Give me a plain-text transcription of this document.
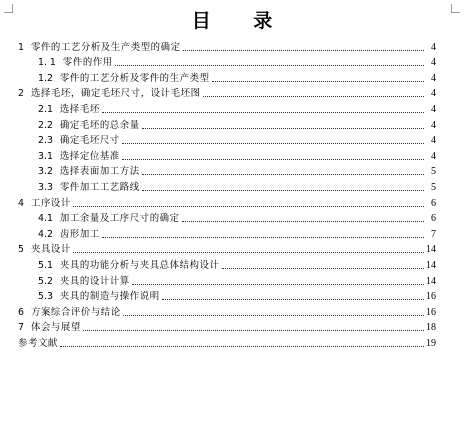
目 录
1 零件的工艺分析及生产类型的确定	4
1. 1 零件的作用	4
1.2 零件的工艺分析及零件的生产类型	4
2 选择毛坯，确定毛坯尺寸，设计毛坯图	4
2.1 选择毛坯	4
2.2 确定毛坯的总余量	4
2.3 确定毛坯尺寸	4
3.1 选择定位基准	4
3.2 选择表面加工方法	5
3.3 零件加工工艺路线	5
4 工序设计	6
4.1 加工余量及工序尺寸的确定	6
4.2 齿形加工	7
5 夹具设计	14
5.1 夹具的功能分析与夹具总体结构设计	14
5.2 夹具的设计计算	14
5.3 夹具的制造与操作说明	16
6 方案综合评价与结论	16
7 体会与展望	18
参考文献	19
